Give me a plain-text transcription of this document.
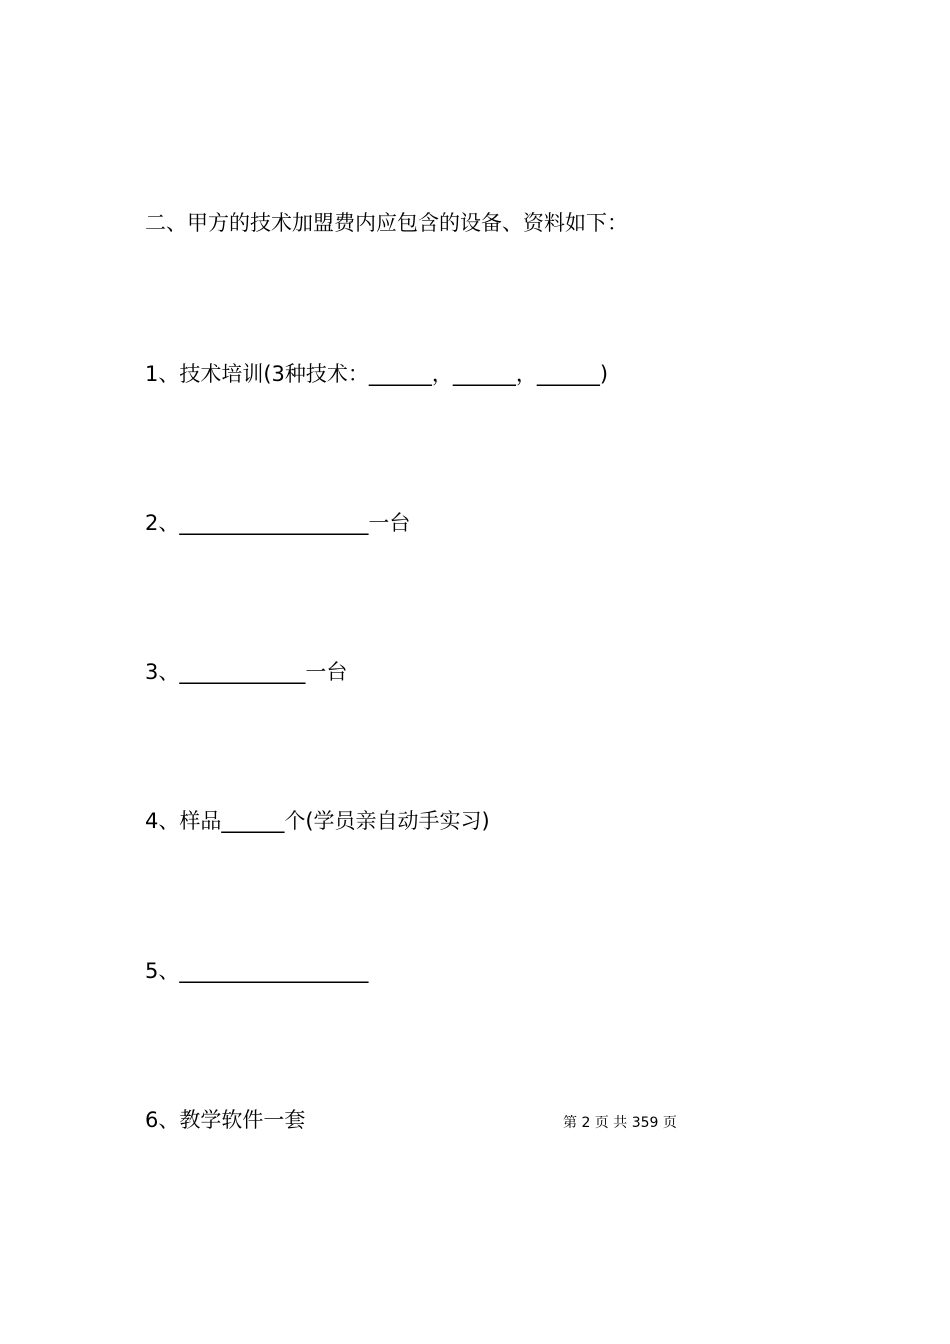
二、甲方的技术加盟费内应包含的设备、资料如下：
1、技术培训(3种技术：______，______，______)
2、__________________一台
3、____________一台
4、样品______个(学员亲自动手实习)
5、__________________
6、教学软件一套	第 2 页 共 359 页
